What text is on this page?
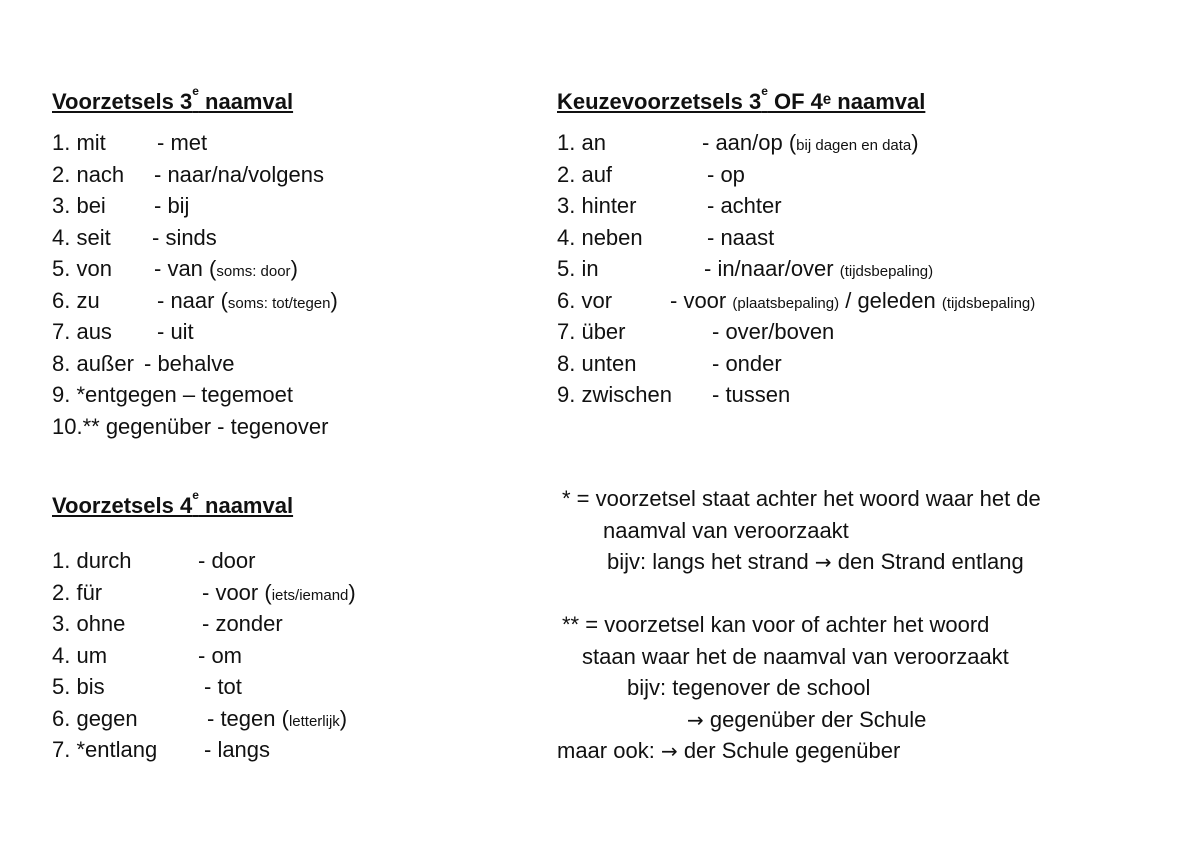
Voorzetsels 3e naamval
1. mit - met
2. nach - naar/na/volgens
3. bei - bij
4. seit - sinds
5. von - van (soms: door)
6. zu	- naar (soms: tot/tegen)
7. aus - uit
8. außer - behalve
9. *entgegen – tegemoet
10.** gegenüber - tegenover
Voorzetsels 4e naamval
1. durch	- door
2. für	- voor (iets/iemand)
3. ohne	- zonder
4. um	- om
5. bis	- tot
6. gegen	- tegen (letterlijk)
7. *entlang - langs
Keuzevoorzetsels 3e OF 4ᵉ naamval
1. an	- aan/op (bij dagen en data)
2. auf	- op
3. hinter	- achter
4. neben	- naast
5. in	- in/naar/over (tijdsbepaling)
6. vor	- voor (plaatsbepaling) / geleden (tijdsbepaling)
7. über	- over/boven
8. unten	- onder
9. zwischen - tussen
* = voorzetsel staat achter het woord waar het de
naamval van veroorzaakt
bijv: langs het strand → den Strand entlang
** = voorzetsel kan voor of achter het woord
staan waar het de naamval van veroorzaakt
bijv: tegenover de school
→ gegenüber der Schule
maar ook: → der Schule gegenüber
